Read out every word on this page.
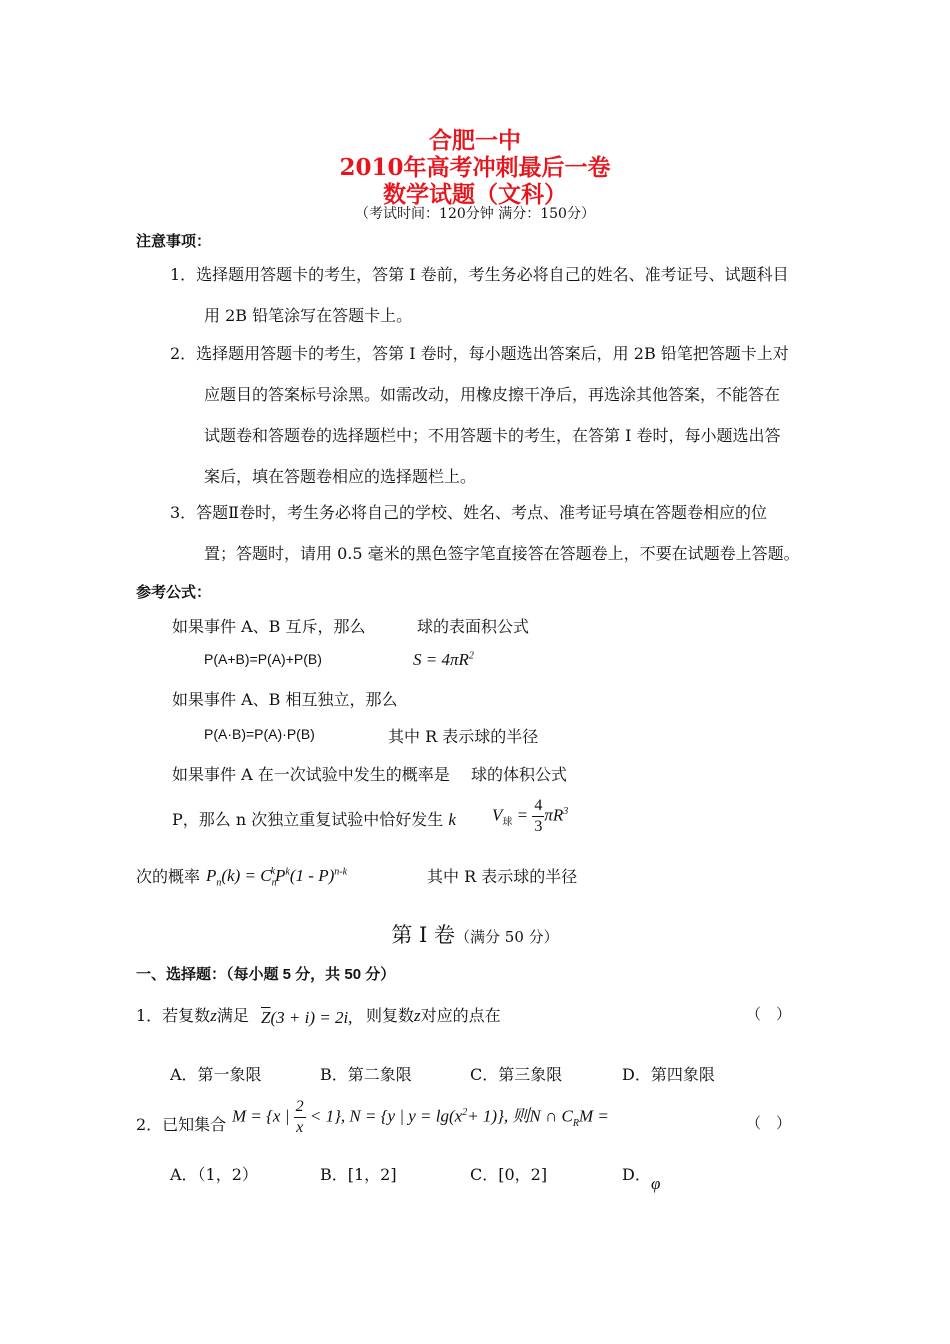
合肥一中
2010年高考冲刺最后一卷
数学试题（文科）
（考试时间：120分钟 满分：150分）
注意事项：
1．选择题用答题卡的考生，答第 I 卷前，考生务必将自己的姓名、准考证号、试题科目
用 2B 铅笔涂写在答题卡上。
2．选择题用答题卡的考生，答第 I 卷时，每小题选出答案后，用 2B 铅笔把答题卡上对
应题目的答案标号涂黑。如需改动，用橡皮擦干净后，再选涂其他答案，不能答在
试题卷和答题卷的选择题栏中；不用答题卡的考生，在答第 I 卷时，每小题选出答
案后，填在答题卷相应的选择题栏上。
3．答题Ⅱ卷时，考生务必将自己的学校、姓名、考点、准考证号填在答题卷相应的位
置；答题时，请用 0.5 毫米的黑色签字笔直接答在答题卷上，不要在试题卷上答题。
参考公式：
如果事件 A、B 互斥，那么	球的表面积公式
P(A+B)=P(A)+P(B)	$S = 4\pi R^2$
如果事件 A、B 相互独立，那么
P(A·B)=P(A)·P(B)	其中 R 表示球的半径
如果事件 A 在一次试验中发生的概率是 球的体积公式
P，那么 n 次独立重复试验中恰好发生 k $V_球 = \frac{4}{3} \pi R^3$
次的概率 $P_n(k) = C_n^kP^k(1 - P)^{n-k}$	其中 R 表示球的半径
第 I 卷（满分 50 分）
一、选择题：（每小题 5 分，共 50 分）
1．若复数z满足 $\overline{Z}(3 + i) = 2i$, 则复数z对应的点在	（　）
A．第一象限	B．第二象限	C．第三象限	D．第四象限
2．已知集合 M = {x | $\frac{2}{x} < 1$}, N = {y | $y = \lg(x^2+ 1)$}, 则N ∩ $C_RM$ =	（　）
A．（1，2）	B．[1，2]	C．[0，2]	D． φ
